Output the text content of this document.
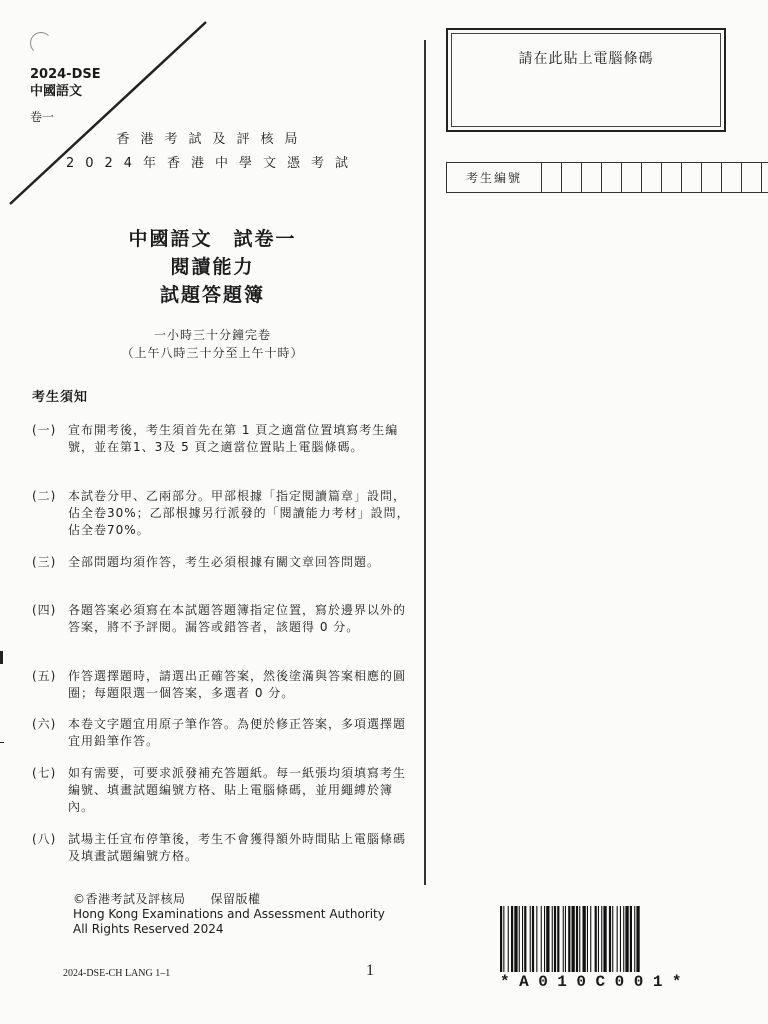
2024-DSE
中國語文
卷一
香港考試及評核局
2024年香港中學文憑考試
中國語文　試卷一
閱讀能力
試題答題簿
一小時三十分鐘完卷
（上午八時三十分至上午十時）
考生須知
(一) 宣布開考後，考生須首先在第 1 頁之適當位置填寫考生編號，並在第1、3及 5 頁之適當位置貼上電腦條碼。
(二) 本試卷分甲、乙兩部分。甲部根據「指定閱讀篇章」設問，佔全卷30%；乙部根據另行派發的「閱讀能力考材」設問，佔全卷70%。
(三) 全部問題均須作答，考生必須根據有關文章回答問題。
(四) 各題答案必須寫在本試題答題簿指定位置，寫於邊界以外的答案，將不予評閱。漏答或錯答者，該題得 0 分。
(五) 作答選擇題時，請選出正確答案，然後塗滿與答案相應的圓圈；每題限選一個答案，多選者 0 分。
(六) 本卷文字題宜用原子筆作答。為便於修正答案，多項選擇題宜用鉛筆作答。
(七) 如有需要，可要求派發補充答題紙。每一紙張均須填寫考生編號、填畫試題編號方格、貼上電腦條碼，並用繩縛於簿內。
(八) 試場主任宣布停筆後，考生不會獲得額外時間貼上電腦條碼及填畫試題編號方格。
請在此貼上電腦條碼
考生編號
©香港考試及評核局　　保留版權
Hong Kong Examinations and Assessment Authority
All Rights Reserved 2024
2024-DSE-CH LANG 1–1	1
*A010C001*
